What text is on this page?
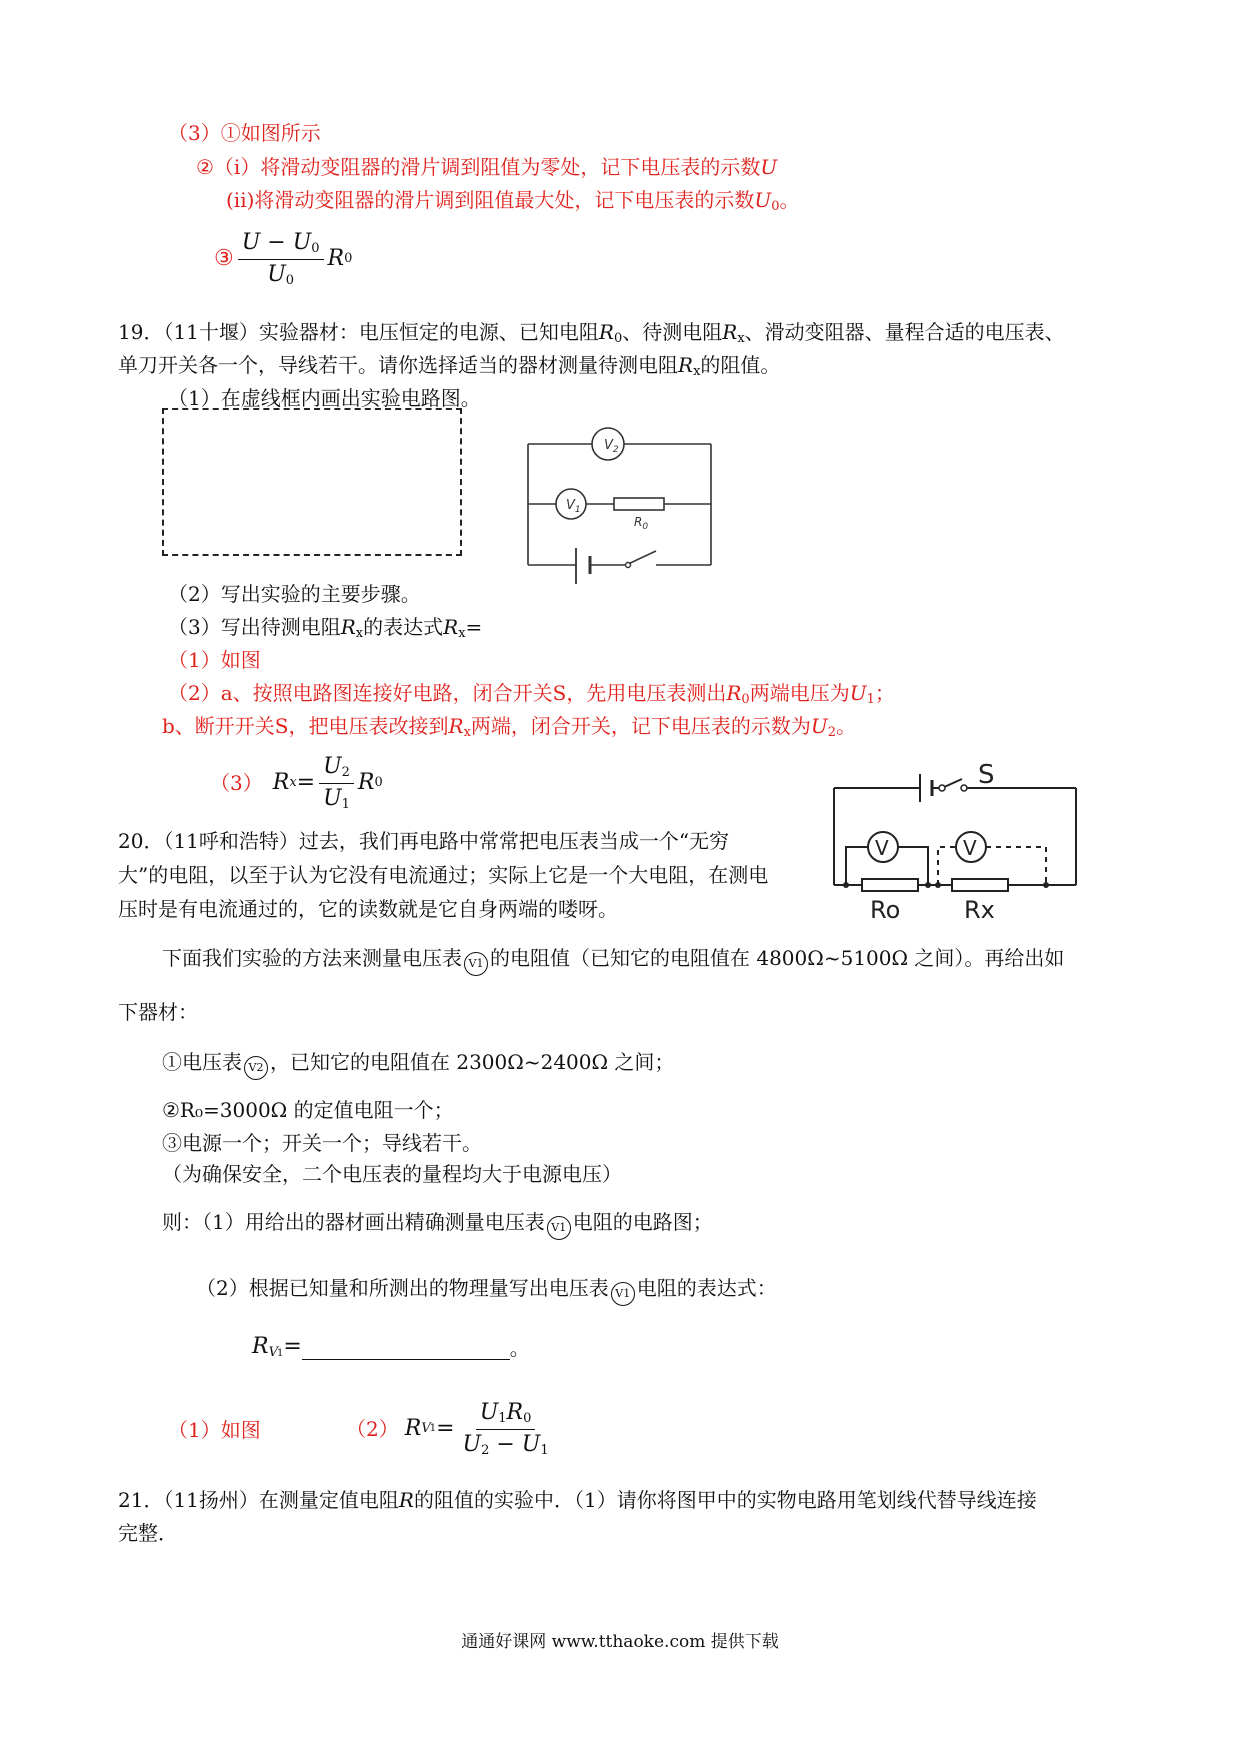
（3）①如图所示
②（i）将滑动变阻器的滑片调到阻值为零处，记下电压表的示数U
(ii)将滑动变阻器的滑片调到阻值最大处，记下电压表的示数$U_0$。
③ $\frac{U - U_0}{U_0}$ R 0
19．（11十堰）实验器材：电压恒定的电源、已知电阻$R_0$、待测电阻$R_x$、滑动变阻器、量程合适的电压表、
单刀开关各一个，导线若干。请你选择适当的器材测量待测电阻$R_x$的阻值。
（1）在虚线框内画出实验电路图。
$V_2$
$V_1$
$R_0$
（2）写出实验的主要步骤。
（3）写出待测电阻$R_x$的表达式$R_x=$
（1）如图
（2）a、按照电路图连接好电路，闭合开关S，先用电压表测出$R_0$两端电压为$U_1$；
b、断开开关S，把电压表改接到$R_x$两端，闭合开关，记下电压表的示数为$U_2$。
（3） R $x = \frac{U_2}{U_1}$ R 0	S
V	V
Ro	Rx
20．（11呼和浩特）过去，我们再电路中常常把电压表当成一个“无穷大”的电阻，以至于认为它没有电流通过；实际上它是一个大电阻，在测电压时是有电流通过的，它的读数就是它自身两端的喽呀。
下面我们实验的方法来测量电压表 V1 的电阻值（已知它的电阻值在 4800Ω~5100Ω 之间）。再给出如
下器材：
①电压表 V2 ，已知它的电阻值在 2300Ω~2400Ω 之间；
②R₀=3000Ω 的定值电阻一个；
③电源一个；开关一个；导线若干。
（为确保安全，二个电压表的量程均大于电源电压）
则：（1）用给出的器材画出精确测量电压表 V1 电阻的电路图；
（2）根据已知量和所测出的物理量写出电压表 V1 电阻的表达式：
$R_V$ 1 =	。
（1）如图	（2） R V $1 = \frac{U_1R_0}{U_2 - U_1}$
21．（11扬州）在测量定值电阻R的阻值的实验中．（1）请你将图甲中的实物电路用笔划线代替导线连接
完整．
通通好课网 www.tthaoke.com 提供下载
